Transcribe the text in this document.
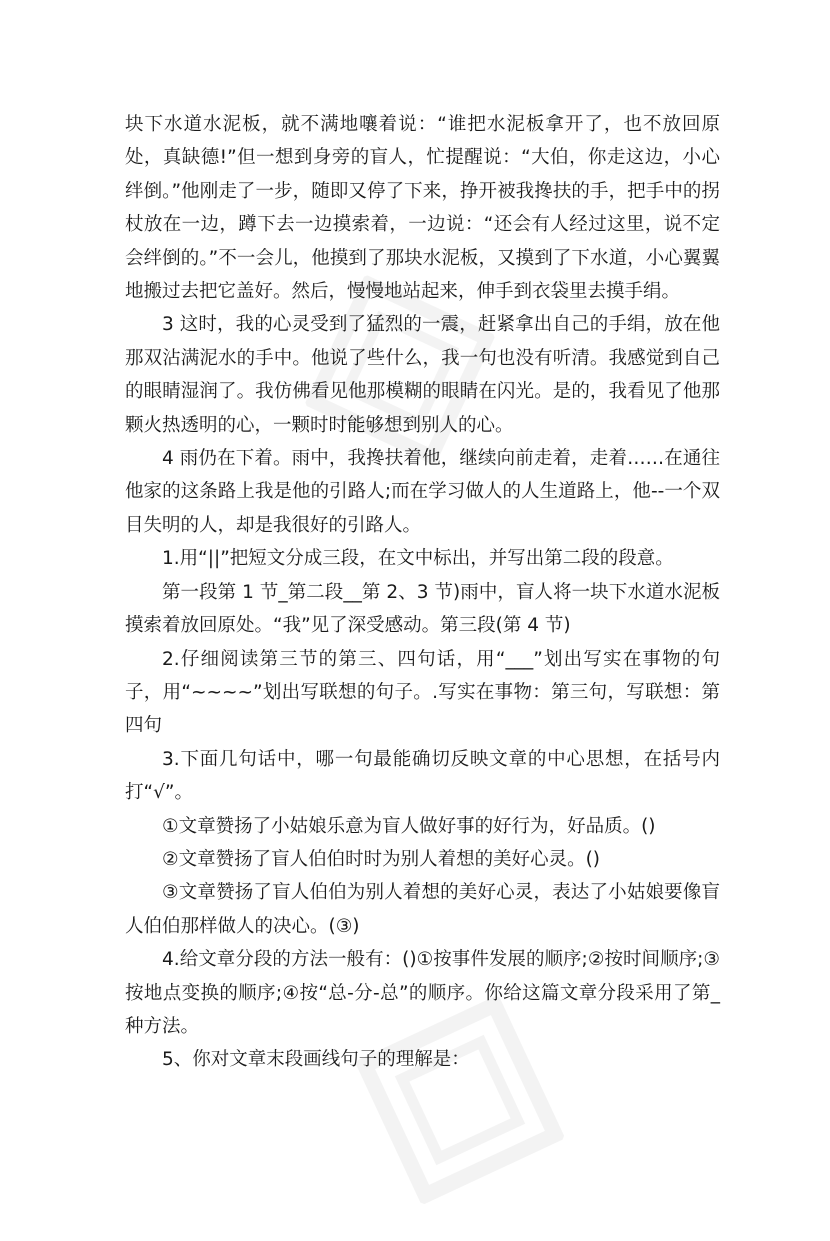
块下水道水泥板，就不满地嚷着说：“谁把水泥板拿开了，也不放回原处，真缺德!”但一想到身旁的盲人，忙提醒说：“大伯，你走这边，小心绊倒。”他刚走了一步，随即又停了下来，挣开被我搀扶的手，把手中的拐杖放在一边，蹲下去一边摸索着，一边说：“还会有人经过这里，说不定会绊倒的。”不一会儿，他摸到了那块水泥板，又摸到了下水道，小心翼翼地搬过去把它盖好。然后，慢慢地站起来，伸手到衣袋里去摸手绢。

3 这时，我的心灵受到了猛烈的一震，赶紧拿出自己的手绢，放在他那双沾满泥水的手中。他说了些什么，我一句也没有听清。我感觉到自己的眼睛湿润了。我仿佛看见他那模糊的眼睛在闪光。是的，我看见了他那颗火热透明的心，一颗时时能够想到别人的心。

4 雨仍在下着。雨中，我搀扶着他，继续向前走着，走着……在通往他家的这条路上我是他的引路人;而在学习做人的人生道路上，他--一个双目失明的人，却是我很好的引路人。

1.用“||”把短文分成三段，在文中标出，并写出第二段的段意。

第一段第 1 节_第二段__第 2、3 节)雨中，盲人将一块下水道水泥板摸索着放回原处。“我”见了深受感动。第三段(第 4 节)

2.仔细阅读第三节的第三、四句话，用“___”划出写实在事物的句子，用“~~~~”划出写联想的句子。.写实在事物：第三句，写联想：第四句

3.下面几句话中，哪一句最能确切反映文章的中心思想，在括号内打“√”。

①文章赞扬了小姑娘乐意为盲人做好事的好行为，好品质。()

②文章赞扬了盲人伯伯时时为别人着想的美好心灵。()

③文章赞扬了盲人伯伯为别人着想的美好心灵，表达了小姑娘要像盲人伯伯那样做人的决心。(③)

4.给文章分段的方法一般有：()①按事件发展的顺序;②按时间顺序;③按地点变换的顺序;④按“总-分-总”的顺序。你给这篇文章分段采用了第_种方法。

5、你对文章末段画线句子的理解是：
